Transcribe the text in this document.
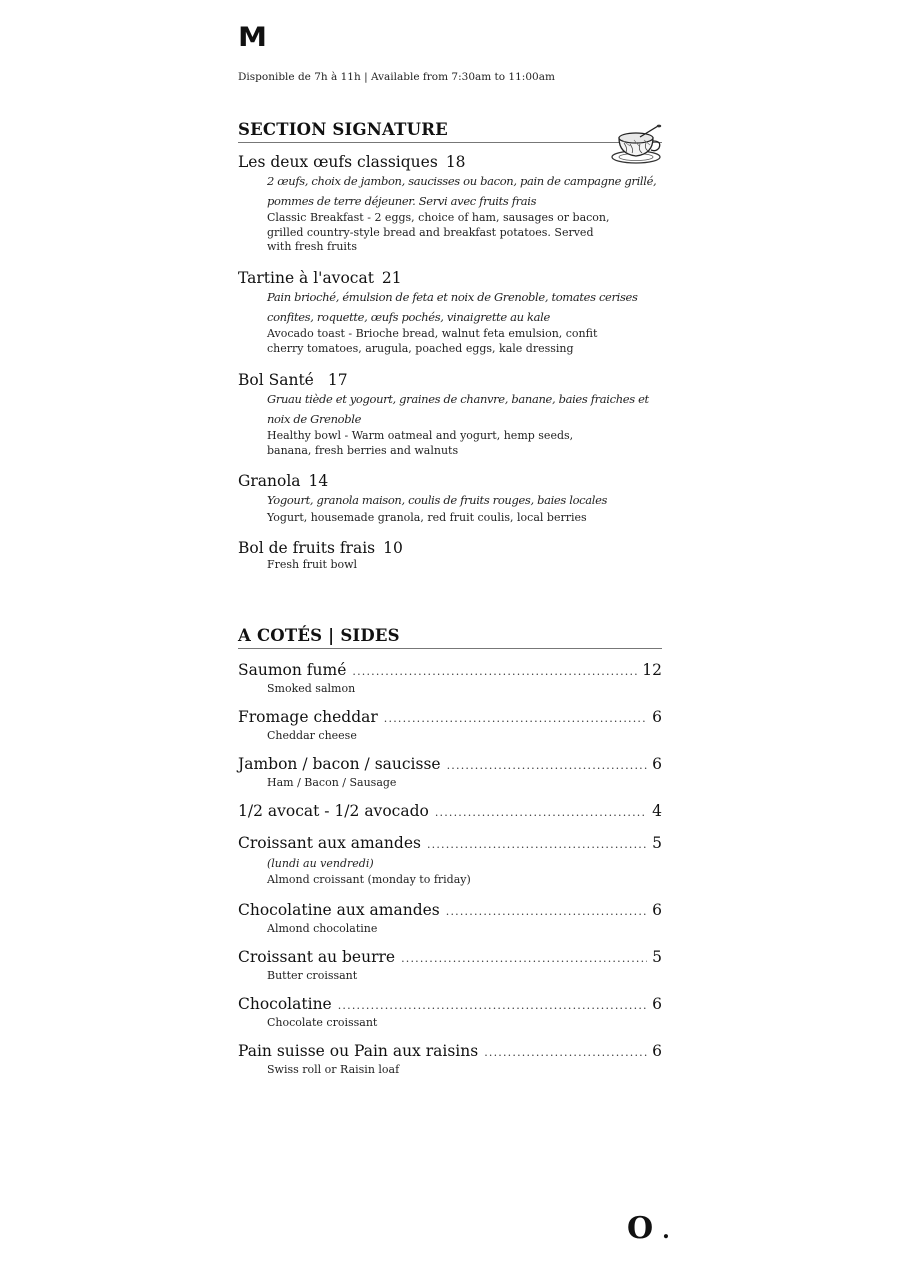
M
Disponible de 7h à 11h | Available from 7:30am to 11:00am
SECTION SIGNATURE
Les deux œufs classiques 18
2 œufs, choix de jambon, saucisses ou bacon, pain de campagne grillé,
pommes de terre déjeuner. Servi avec fruits frais
Classic Breakfast - 2 eggs, choice of ham, sausages or bacon,
grilled country-style bread and breakfast potatoes. Served
with fresh fruits
Tartine à l'avocat 21
Pain brioché, émulsion de feta et noix de Grenoble, tomates cerises
confites, roquette, œufs pochés, vinaigrette au kale
Avocado toast - Brioche bread, walnut feta emulsion, confit
cherry tomatoes, arugula, poached eggs, kale dressing
Bol Santé 17
Gruau tiède et yogourt, graines de chanvre, banane, baies fraiches et
noix de Grenoble
Healthy bowl - Warm oatmeal and yogurt, hemp seeds,
banana, fresh berries and walnuts
Granola 14
Yogourt, granola maison, coulis de fruits rouges, baies locales
Yogurt, housemade granola, red fruit coulis, local berries
Bol de fruits frais 10
Fresh fruit bowl
A COTÉS | SIDES
Saumon fumé .....	12
Smoked salmon
Fromage cheddar .....	6
Cheddar cheese
Jambon / bacon / saucisse .....	6
Ham / Bacon / Sausage
1/2 avocat - 1/2 avocado .....	4
Croissant aux amandes .....	5
(lundi au vendredi)
Almond croissant (monday to friday)
Chocolatine aux amandes .....	6
Almond chocolatine
Croissant au beurre .....	5
Butter croissant
Chocolatine .....	6
Chocolate croissant
Pain suisse ou Pain aux raisins .....	6
Swiss roll or Raisin loaf
O .
